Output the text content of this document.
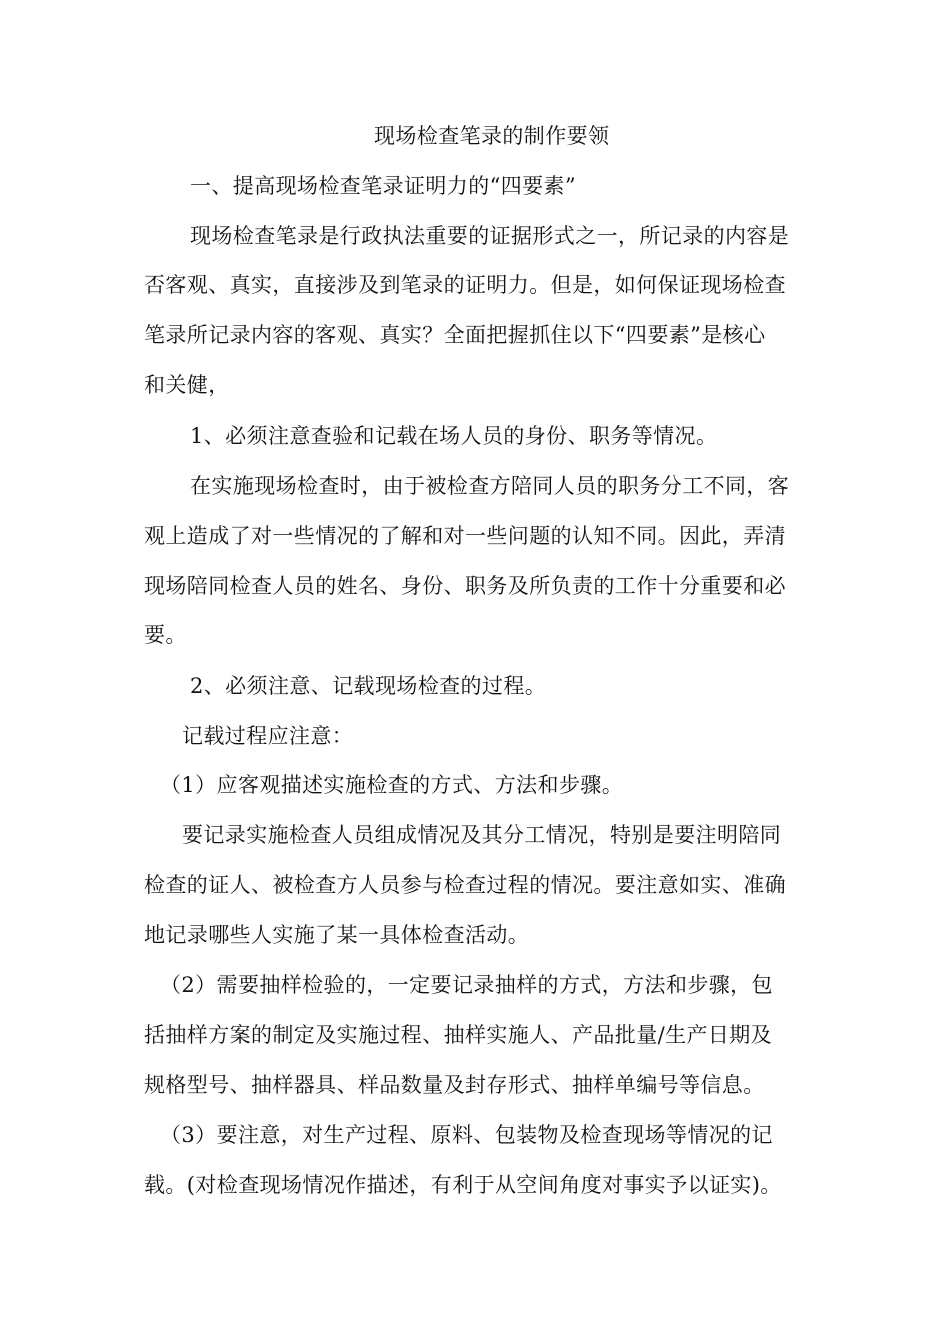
现场检查笔录的制作要领
一、提高现场检查笔录证明力的“四要素”
现场检查笔录是行政执法重要的证据形式之一，所记录的内容是
否客观、真实，直接涉及到笔录的证明力。但是，如何保证现场检查
笔录所记录内容的客观、真实？全面把握抓住以下“四要素”是核心
和关健，
1、必须注意查验和记载在场人员的身份、职务等情况。
在实施现场检查时，由于被检查方陪同人员的职务分工不同，客
观上造成了对一些情况的了解和对一些问题的认知不同。因此，弄清
现场陪同检查人员的姓名、身份、职务及所负责的工作十分重要和必
要。
2、必须注意、记载现场检查的过程。
记载过程应注意：
（1）应客观描述实施检查的方式、方法和步骤。
要记录实施检查人员组成情况及其分工情况，特别是要注明陪同
检查的证人、被检查方人员参与检查过程的情况。要注意如实、准确
地记录哪些人实施了某一具体检查活动。
（2）需要抽样检验的，一定要记录抽样的方式，方法和步骤，包
括抽样方案的制定及实施过程、抽样实施人、产品批量/生产日期及
规格型号、抽样器具、样品数量及封存形式、抽样单编号等信息。
（3）要注意，对生产过程、原料、包装物及检查现场等情况的记
载。(对检查现场情况作描述，有利于从空间角度对事实予以证实)。
